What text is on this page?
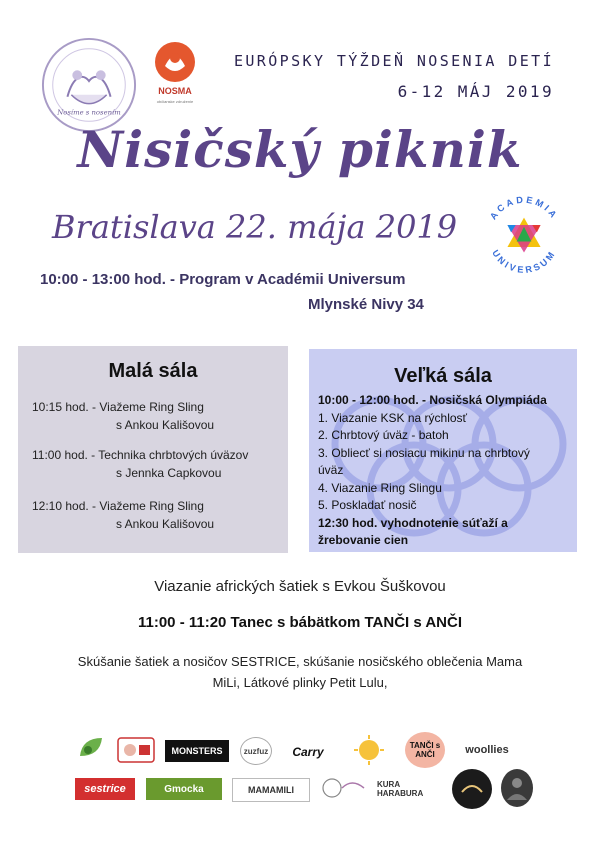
Nosíme s nosením
NOSMA
občianske združenie
EURÓPSKY TÝŽDEŇ NOSENIA DETÍ
6-12 MÁJ 2019
Nisičský piknik
Bratislava 22. mája 2019	ACADEMIA
UNIVERSUM
10:00 - 13:00 hod. - Program v Académii Universum
Mlynské Nivy 34
Malá sála
10:15 hod. - Viažeme Ring Sling
s Ankou Kališovou
11:00 hod. - Technika chrbtových úväzov
s Jennka Capkovou
12:10 hod. - Viažeme Ring Sling
s Ankou Kališovou
Veľká sála
10:00 - 12:00 hod. - Nosičská Olympiáda
1. Viazanie KSK na rýchlosť
2. Chrbtový úväz - batoh
3. Oblieсť si nosiacu mikinu na chrbtový
úväz
4. Viazanie Ring Slingu
5. Poskladať nosič
12:30 hod. vyhodnotenie súťaží a
žrebovanie cien
Viazanie afrických šatiek s Evkou Šuškovou
11:00 - 11:20 Tanec s bábätkom TANČI s ANČI
Skúšanie šatiek a nosičov SESTRICE, skúšanie nosičského oblečenia Mama
MiLi, Látkové plinky Petit Lulu,
MONSTERS	zuzfuz	Carry	TANČI s ANČI	woollies
sestrice	Gmocka	MAMAMILI
KURA HARABURA
